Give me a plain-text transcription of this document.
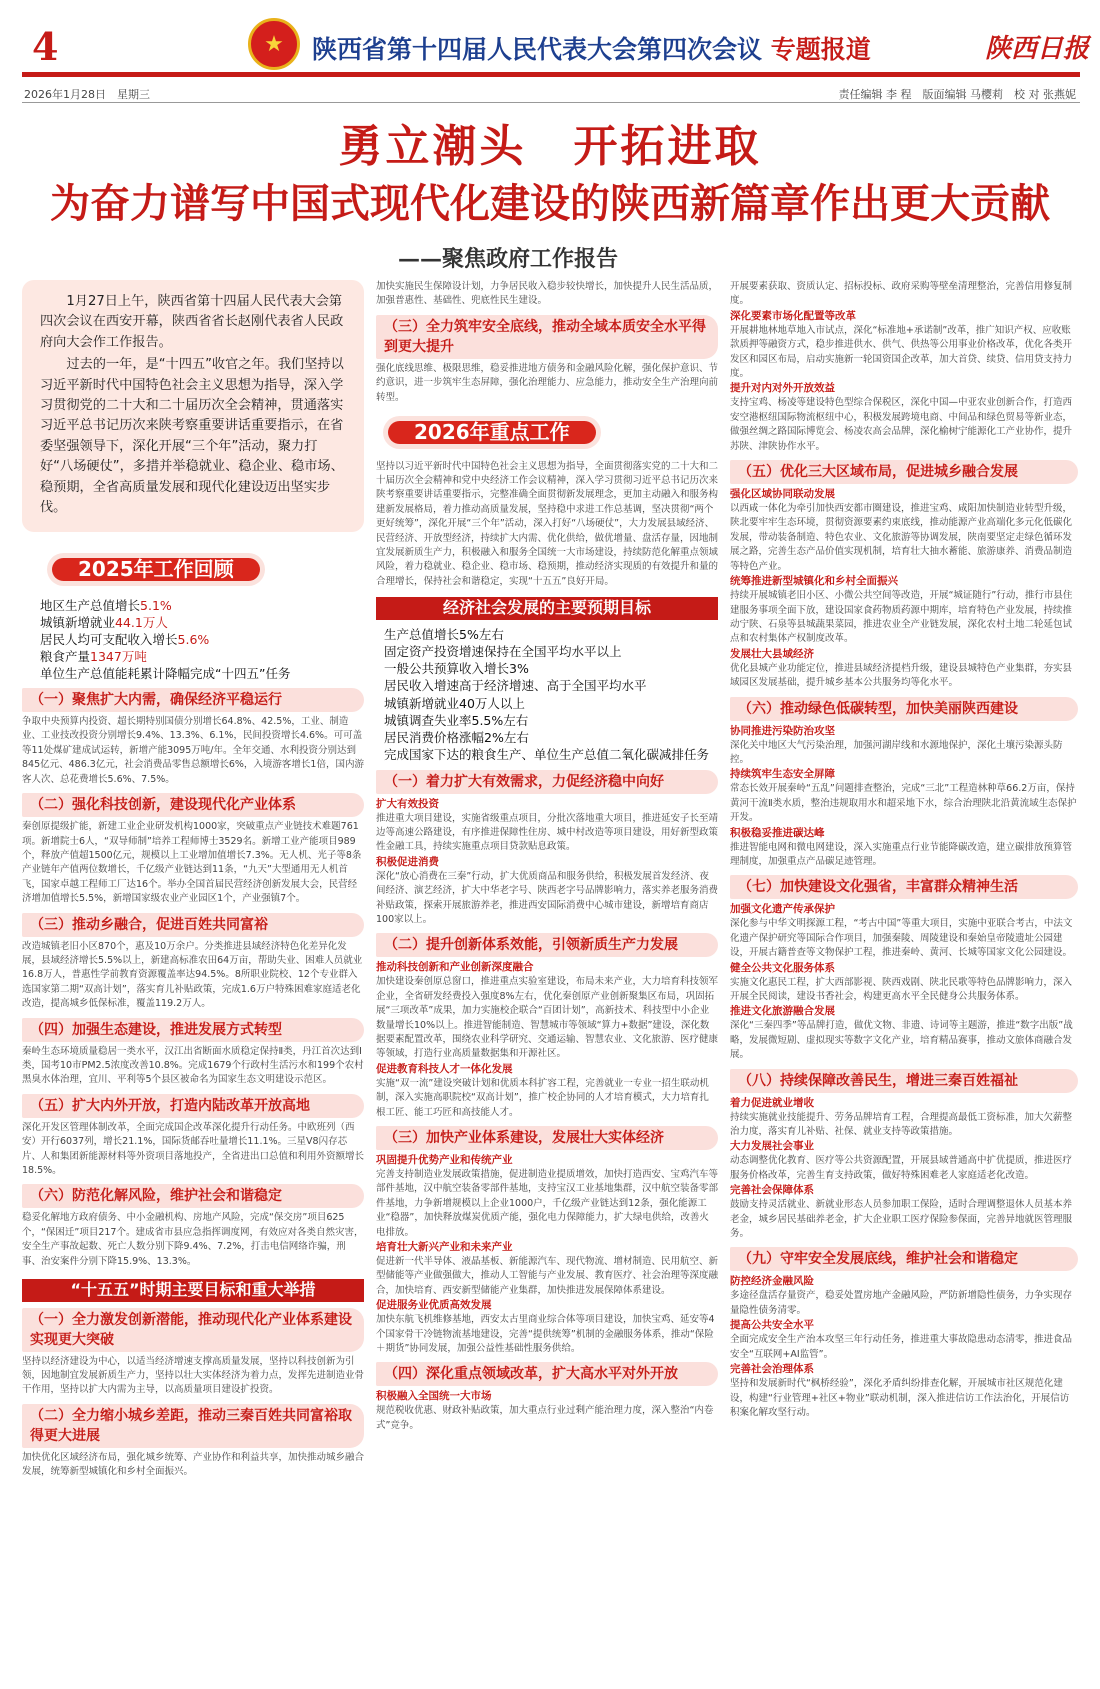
4	★	陕西省第十四届人民代表大会第四次会议 专题报道	陕西日报
2026年1月28日　星期三	责任编辑 李 程　版面编辑 马樱莉　校 对 张燕妮
勇立潮头　开拓进取
为奋力谱写中国式现代化建设的陕西新篇章作出更大贡献
——聚焦政府工作报告

1月27日上午，陕西省第十四届人民代表大会第四次会议在西安开幕，陕西省省长赵刚代表省人民政府向大会作工作报告。

过去的一年，是“十四五”收官之年。我们坚持以习近平新时代中国特色社会主义思想为指导，深入学习贯彻党的二十大和二十届历次全会精神，贯通落实习近平总书记历次来陕考察重要讲话重要指示，在省委坚强领导下，深化开展“三个年”活动，聚力打好“八场硬仗”，多措并举稳就业、稳企业、稳市场、稳预期，全省高质量发展和现代化建设迈出坚实步伐。

2025年工作回顾
地区生产总值增长5.1%
城镇新增就业44.1万人
居民人均可支配收入增长5.6%
粮食产量1347万吨
单位生产总值能耗累计降幅完成“十四五”任务
（一）聚焦扩大内需，确保经济平稳运行

争取中央预算内投资、超长期特别国债分别增长64.8%、42.5%，工业、制造业、工业技改投资分别增长9.4%、13.3%、6.1%，民间投资增长4.6%。可可盖等11处煤矿建成试运转，新增产能3095万吨/年。全年交通、水利投资分别达到845亿元、486.3亿元，社会消费品零售总额增长6%，入境游客增长1倍，国内游客人次、总花费增长5.6%、7.5%。

（二）强化科技创新，建设现代化产业体系

秦创原提级扩能，新建工业企业研发机构1000家，突破重点产业链技术难题761项。新增院士6人，“双导师制”培养工程师博士3529名。新增工业产能项目989个，释放产值超1500亿元，规模以上工业增加值增长7.3%。无人机、光子等8条产业链年产值两位数增长，千亿级产业链达到11条，“九天”大型通用无人机首飞，国家卓越工程师工厂达16个。举办全国首届民营经济创新发展大会，民营经济增加值增长5.5%，新增国家级农业产业园区1个，产业强镇7个。

（三）推动乡融合，促进百姓共同富裕

改造城镇老旧小区870个，惠及10万余户。分类推进县域经济特色化差异化发展，县域经济增长5.5%以上，新建高标准农田64万亩，帮助失业、困难人员就业16.8万人，普惠性学前教育资源覆盖率达94.5%。8所职业院校、12个专业群入选国家第二期“双高计划”，落实育儿补贴政策，完成1.6万户特殊困难家庭适老化改造，提高城乡低保标准，覆盖119.2万人。

（四）加强生态建设，推进发展方式转型

秦岭生态环境质量稳居一类水平，汉江出省断面水质稳定保持Ⅱ类，丹江首次达到Ⅰ类，国考10市PM2.5浓度改善10.8%。完成1679个行政村生活污水和199个农村黑臭水体治理，宜川、平利等5个县区被命名为国家生态文明建设示范区。

（五）扩大内外开放，打造内陆改革开放高地

深化开发区管理体制改革，全面完成国企改革深化提升行动任务。中欧班列（西安）开行6037列，增长21.1%，国际货邮吞吐量增长11.1%。三星V8闪存芯片、人和集团新能源材料等外资项目落地投产，全省进出口总值和利用外资额增长18.5%。

（六）防范化解风险，维护社会和谐稳定

稳妥化解地方政府债务、中小金融机构、房地产风险，完成“保交房”项目625个，“保困迁”项目217个。建成省市县应急指挥调度网，有效应对各类自然灾害，安全生产事故起数、死亡人数分别下降9.4%、7.2%，打击电信网络诈骗，刑事、治安案件分别下降15.9%、13.3%。

“十五五”时期主要目标和重大举措
（一）全力激发创新潜能，推动现代化产业体系建设实现更大突破

坚持以经济建设为中心，以适当经济增速支撑高质量发展，坚持以科技创新为引领，因地制宜发展新质生产力，坚持以壮大实体经济为着力点，发挥先进制造业骨干作用，坚持以扩大内需为主导，以高质量项目建设扩投资。

（二）全力缩小城乡差距，推动三秦百姓共同富裕取得更大进展

加快优化区域经济布局，强化城乡统筹、产业协作和利益共享，加快推动城乡融合发展，统筹新型城镇化和乡村全面振兴。

加快实施民生保障设计划，力争居民收入稳步较快增长，加快提升人民生活品质，加强普惠性、基础性、兜底性民生建设。

（三）全力筑牢安全底线，推动全域本质安全水平得到更大提升

强化底线思维、极限思维，稳妥推进地方债务和金融风险化解，强化保护意识、节约意识，进一步筑牢生态屏障，强化治理能力、应急能力，推动安全生产治理向前转型。

2026年重点工作

坚持以习近平新时代中国特色社会主义思想为指导，全面贯彻落实党的二十大和二十届历次全会精神和党中央经济工作会议精神，深入学习贯彻习近平总书记历次来陕考察重要讲话重要指示，完整准确全面贯彻新发展理念，更加主动融入和服务构建新发展格局，着力推动高质量发展，坚持稳中求进工作总基调，坚决贯彻“两个更好统筹”，深化开展“三个年”活动，深入打好“八场硬仗”，大力发展县域经济、民营经济、开放型经济，持续扩大内需、优化供给，做优增量、盘活存量，因地制宜发展新质生产力，积极融入和服务全国统一大市场建设，持续防范化解重点领域风险，着力稳就业、稳企业、稳市场、稳预期，推动经济实现质的有效提升和量的合理增长，保持社会和谐稳定，实现“十五五”良好开局。

经济社会发展的主要预期目标
生产总值增长5%左右
固定资产投资增速保持在全国平均水平以上
一般公共预算收入增长3%
居民收入增速高于经济增速、高于全国平均水平
城镇新增就业40万人以上
城镇调查失业率5.5%左右
居民消费价格涨幅2%左右
完成国家下达的粮食生产、单位生产总值二氧化碳减排任务
（一）着力扩大有效需求，力促经济稳中向好
扩大有效投资

推进重大项目建设，实施省级重点项目，分批次落地重大项目，推进延安子长至靖边等高速公路建设，有序推进保障性住房、城中村改造等项目建设，用好新型政策性金融工具，持续实施重点项目贷款贴息政策。

积极促进消费

深化“放心消费在三秦”行动，扩大优质商品和服务供给，积极发展首发经济、夜间经济、演艺经济，扩大中华老字号、陕西老字号品牌影响力，落实养老服务消费补贴政策，探索开展旅游养老，推进西安国际消费中心城市建设，新增培育商店100家以上。

（二）提升创新体系效能，引领新质生产力发展
推动科技创新和产业创新深度融合

加快建设秦创原总窗口，推进重点实验室建设，布局未来产业，大力培育科技领军企业，全省研发经费投入强度8%左右，优化秦创原产业创新聚集区布局，巩固拓展“三项改革”成果，加力实施校企联合“百团计划”，高新技术、科技型中小企业数量增长10%以上。推进智能制造、智慧城市等领域“算力+数据”建设，深化数据要素配置改革，围绕农业科学研究、交通运输、智慧农业、文化旅游、医疗健康等领域，打造行业高质量数据集和开源社区。

促进教育科技人才一体化发展

实施“双一流”建设突破计划和优质本科扩容工程，完善就业一专业一招生联动机制，深入实施高职院校“双高计划”，推广校企协同的人才培育模式，大力培育扎根工匠、能工巧匠和高技能人才。

（三）加快产业体系建设，发展壮大实体经济
巩固提升优势产业和传统产业

完善支持制造业发展政策措施，促进制造业提质增效，加快打造西安、宝鸡汽车等部件基地，汉中航空装备零部件基地，支持宝汉工业基地集群，汉中航空装备零部件基地，力争新增规模以上企业1000户，千亿级产业链达到12条，强化能源工业“稳器”，加快释放煤炭优质产能，强化电力保障能力，扩大绿电供给，改善火电排放。

培育壮大新兴产业和未来产业

促进新一代半导体、液晶基板、新能源汽车、现代物流、增材制造、民用航空、新型储能等产业做强做大，推动人工智能与产业发展、教育医疗、社会治理等深度融合，加快培育、西安新型储能产业集群，加快推进发展保障体系建设。

促进服务业优质高效发展

加快东航飞机维修基地，西安太古里商业综合体等项目建设，加快宝鸡、延安等4个国家骨干冷链物流基地建设，完善“提供统筹”机制的金融服务体系，推动“保险＋期货”协同发展，加强公益性基础性服务供给。

（四）深化重点领域改革，扩大高水平对外开放
积极融入全国统一大市场

规范税收优惠、财政补贴政策，加大重点行业过剩产能治理力度，深入整治“内卷式”竞争。

开展要素获取、资质认定、招标投标、政府采购等壁垒清理整治，完善信用修复制度。

深化要素市场化配置等改革

开展耕地林地草地入市试点，深化“标准地+承诺制”改革，推广知识产权、应收账款质押等融资方式，稳步推进供水、供气、供热等公用事业价格改革，优化各类开发区和园区布局，启动实施新一轮国资国企改革，加大首贷、续贷、信用贷支持力度。

提升对内对外开放效益

支持宝鸡、杨凌等建设特色型综合保税区，深化中国—中亚农业创新合作，打造西安空港枢纽国际物流枢纽中心，积极发展跨境电商、中间品和绿色贸易等新业态，做强丝绸之路国际博览会、杨凌农高会品牌，深化榆树宁能源化工产业协作，提升苏陕、津陕协作水平。

（五）优化三大区域布局，促进城乡融合发展
强化区域协同联动发展

以西咸一体化为牵引加快西安都市圈建设，推进宝鸡、咸阳加快制造业转型升级，陕北要牢牢生态环境，贯彻资源要素约束底线，推动能源产业高端化多元化低碳化发展，带动装备制造、特色农业、文化旅游等协调发展，陕南要坚定走绿色循环发展之路，完善生态产品价值实现机制，培育壮大抽水蓄能、旅游康养、消费品制造等特色产业。

统筹推进新型城镇化和乡村全面振兴

持续开展城镇老旧小区、小微公共空间等改造，开展“城证随行”行动，推行市县住建服务事项全面下放，建设国家食药物质药源中期库，培育特色产业发展，持续推动宁陕、石泉等县城蔬果菜园，推进农业全产业链发展，深化农村土地二轮延包试点和农村集体产权制度改革。

发展壮大县域经济

优化县城产业功能定位，推进县域经济提档升级，建设县城特色产业集群，夯实县域园区发展基础，提升城乡基本公共服务均等化水平。

（六）推动绿色低碳转型，加快美丽陕西建设
协同推进污染防治攻坚

深化关中地区大气污染治理，加强河湖岸线和水源地保护，深化土壤污染源头防控。

持续筑牢生态安全屏障

常态长效开展秦岭“五乱”问题排查整治，完成“三北”工程造林种草66.2万亩，保持黄河干流Ⅱ类水质，整治违规取用水和超采地下水，综合治理陕北沿黄流域生态保护开发。

积极稳妥推进碳达峰

推进智能电网和微电网建设，深入实施重点行业节能降碳改造，建立碳排放预算管理制度，加强重点产品碳足迹管理。

（七）加快建设文化强省，丰富群众精神生活
加强文化遗产传承保护

深化参与中华文明探源工程，“考古中国”等重大项目，实施中亚联合考古，中法文化遗产保护研究等国际合作项目，加强秦陵、周陵建设和秦始皇帝陵遗址公园建设，开展古籍普查等文物保护工程，推进秦岭、黄河、长城等国家文化公园建设。

健全公共文化服务体系

实施文化惠民工程，扩大西部影视、陕西戏剧、陕北民歌等特色品牌影响力，深入开展全民阅读，建设书香社会，构建更高水平全民健身公共服务体系。

推进文化旅游融合发展

深化“三秦四季”等品牌打造，做优文物、非遗、诗词等主题游，推进“数字出版”战略，发展微短剧、虚拟现实等数字文化产业，培育精品赛事，推动文旅体商融合发展。

（八）持续保障改善民生，增进三秦百姓福祉
着力促进就业增收

持续实施就业技能提升、劳务品牌培育工程，合理提高最低工资标准，加大欠薪整治力度，落实育儿补贴、社保、就业支持等政策措施。

大力发展社会事业

动态调整优化教育、医疗等公共资源配置，开展县域普通高中扩优提质，推进医疗服务价格改革，完善生育支持政策，做好特殊困难老人家庭适老化改造。

完善社会保障体系

鼓励支持灵活就业、新就业形态人员参加职工保险，适时合理调整退休人员基本养老金，城乡居民基础养老金，扩大企业职工医疗保险参保面，完善异地就医管理服务。

（九）守牢安全发展底线，维护社会和谐稳定
防控经济金融风险

多途径盘活存量资产，稳妥处置房地产金融风险，严防新增隐性债务，力争实现存量隐性债务清零。

提高公共安全水平

全面完成安全生产治本攻坚三年行动任务，推进重大事故隐患动态清零，推进食品安全“互联网+AI监管”。

完善社会治理体系

坚持和发展新时代“枫桥经验”，深化矛盾纠纷排查化解，开展城市社区规范化建设，构建“行业管理+社区+物业”联动机制，深入推进信访工作法治化，开展信访积案化解攻坚行动。
